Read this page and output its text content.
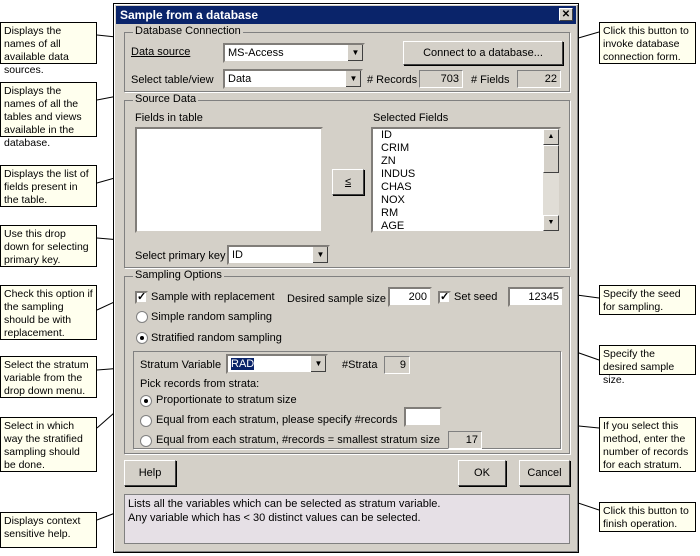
Displays the names of all available data sources.
Displays the names of all the tables and views available in the database.
Displays the list of fields present in the table.
Use this drop down for selecting primary key.
Check this option if the sampling should be with replacement.
Select the stratum variable from the drop down menu.
Select in which way the stratified sampling should be done.
Displays context sensitive help.
Click this button to invoke database connection form.
Specify the seed for sampling.
Specify the desired sample size.
If you select this method, enter the number of records for each stratum.
Click this button to finish operation.
Sample from a database	✕
Database Connection
Data source	MS-Access	▼	Connect to a database...
Select table/view	Data	▼ # Records	703	# Fields	22
Source Data
Fields in table
≤
Selected Fields
ID
CRIM
ZN
INDUS
CHAS
NOX
RM
AGE
▲
▼
Select primary key ID	▼
Sampling Options
✓ Sample with replacement Desired sample size	200	✓ Set seed	12345
Simple random sampling
Stratified random sampling
Stratum Variable RAD	▼	#Strata	9
Pick records from strata:
Proportionate to stratum size
Equal from each stratum, please specify #records
Equal from each stratum, #records = smallest stratum size	17
Help	OK	Cancel
Lists all the variables which can be selected as stratum variable.
Any variable which has < 30 distinct values can be selected.
